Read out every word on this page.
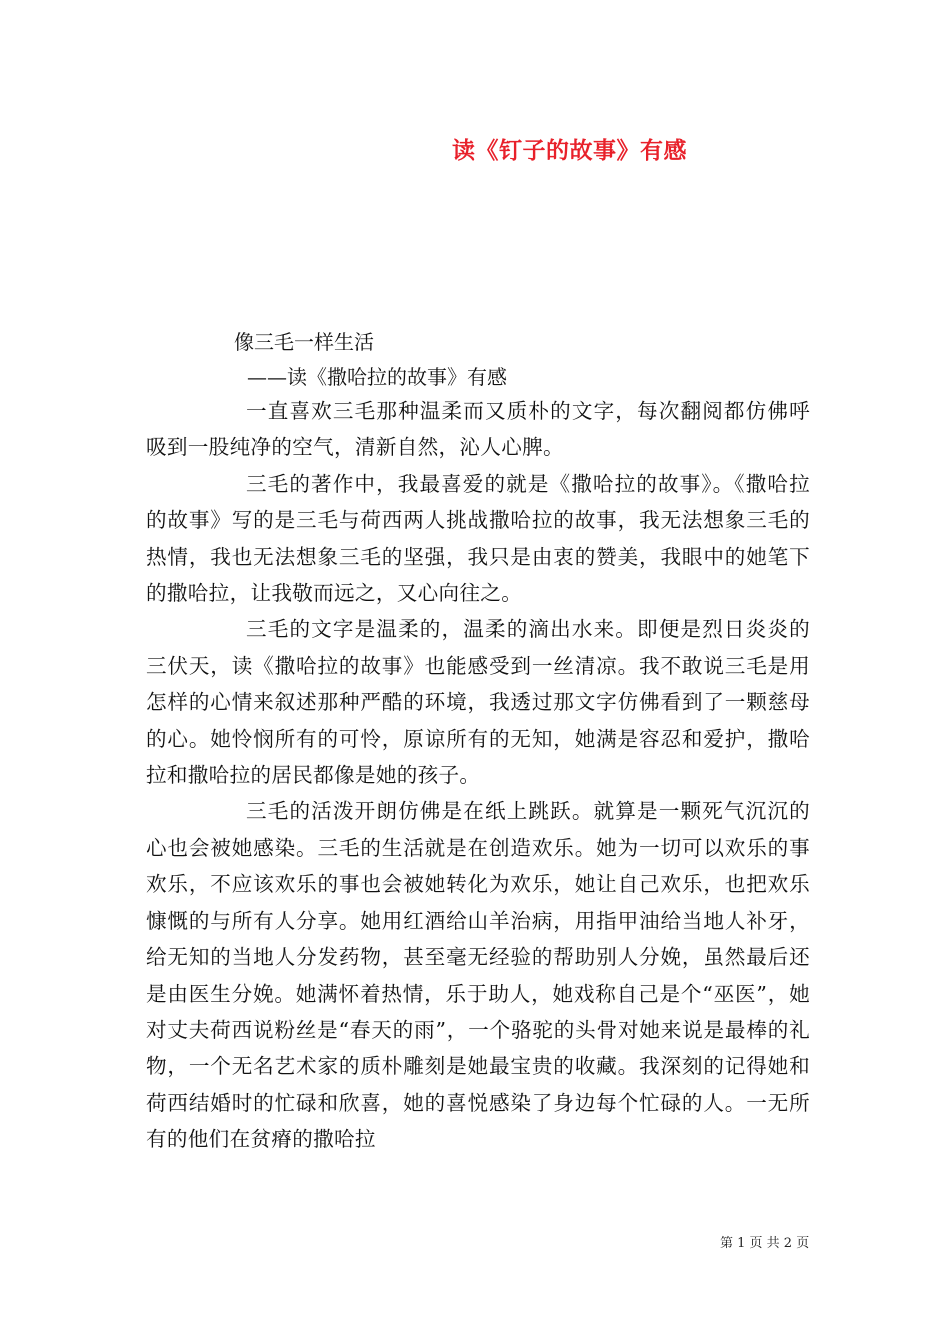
读《钉子的故事》有感
像三毛一样生活
——读《撒哈拉的故事》有感

一直喜欢三毛那种温柔而又质朴的文字，每次翻阅都仿佛呼吸到一股纯净的空气，清新自然，沁人心脾。

三毛的著作中，我最喜爱的就是《撒哈拉的故事》。《撒哈拉的故事》写的是三毛与荷西两人挑战撒哈拉的故事，我无法想象三毛的热情，我也无法想象三毛的坚强，我只是由衷的赞美，我眼中的她笔下的撒哈拉，让我敬而远之，又心向往之。

三毛的文字是温柔的，温柔的滴出水来。即便是烈日炎炎的三伏天，读《撒哈拉的故事》也能感受到一丝清凉。我不敢说三毛是用怎样的心情来叙述那种严酷的环境，我透过那文字仿佛看到了一颗慈母的心。她怜悯所有的可怜，原谅所有的无知，她满是容忍和爱护，撒哈拉和撒哈拉的居民都像是她的孩子。

三毛的活泼开朗仿佛是在纸上跳跃。就算是一颗死气沉沉的心也会被她感染。三毛的生活就是在创造欢乐。她为一切可以欢乐的事欢乐，不应该欢乐的事也会被她转化为欢乐，她让自己欢乐，也把欢乐慷慨的与所有人分享。她用红酒给山羊治病，用指甲油给当地人补牙，给无知的当地人分发药物，甚至毫无经验的帮助别人分娩，虽然最后还是由医生分娩。她满怀着热情，乐于助人，她戏称自己是个“巫医”，她对丈夫荷西说粉丝是“春天的雨”，一个骆驼的头骨对她来说是最棒的礼物，一个无名艺术家的质朴雕刻是她最宝贵的收藏。我深刻的记得她和荷西结婚时的忙碌和欣喜，她的喜悦感染了身边每个忙碌的人。一无所有的他们在贫瘠的撒哈拉

第 1 页 共 2 页
